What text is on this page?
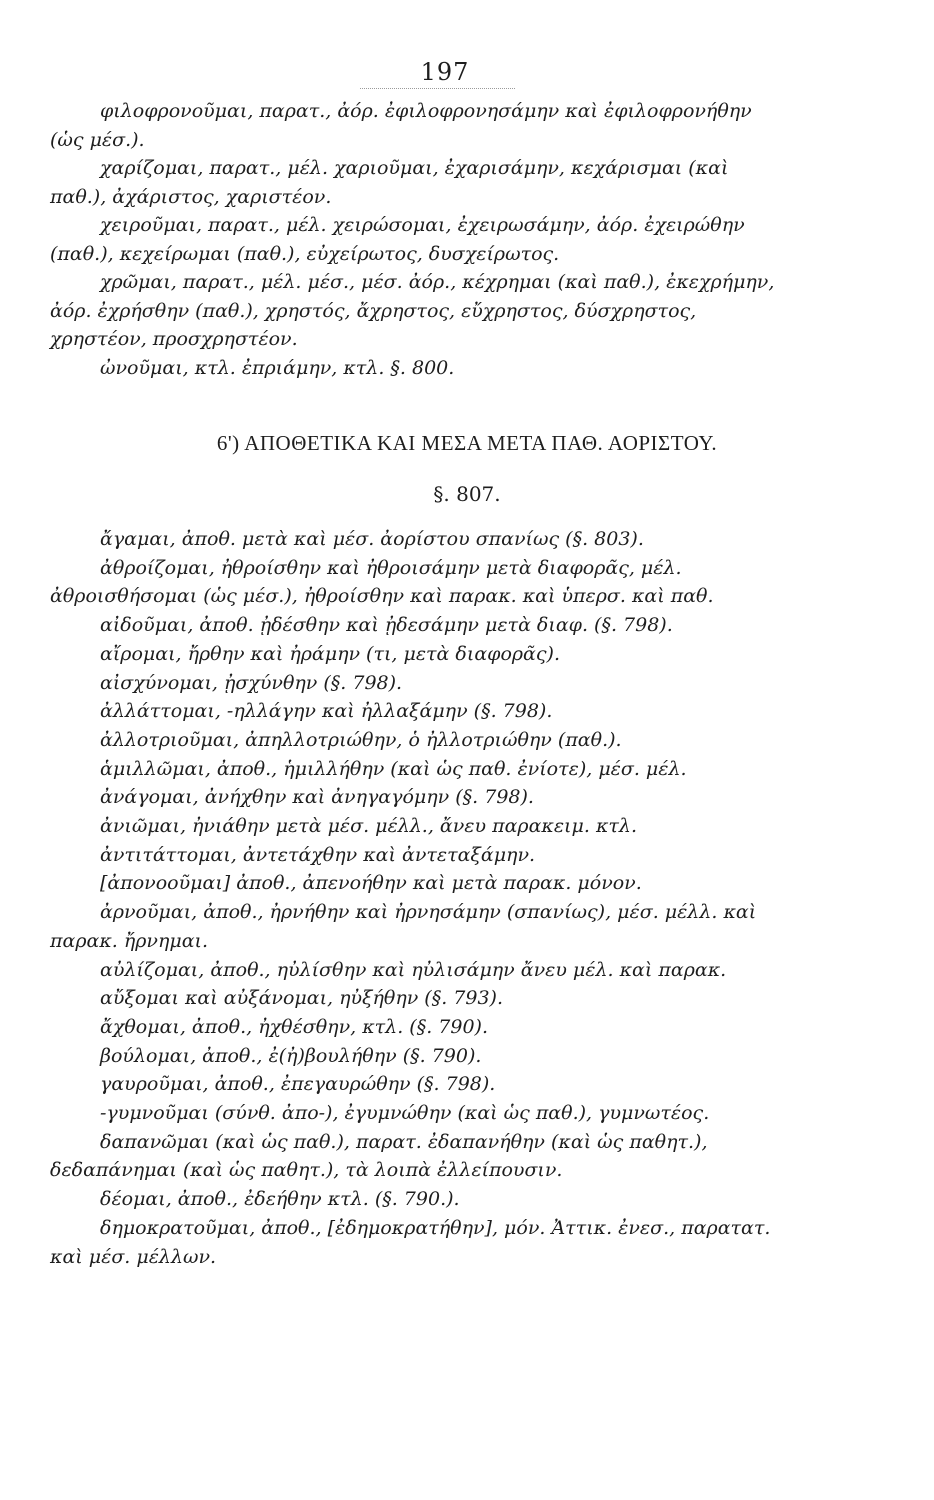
197

φιλοφρονοῦμαι, παρατ., ἀόρ. ἐφιλοφρονησάμην καὶ ἐφιλοφρονήθην (ὡς μέσ.).

χαρίζομαι, παρατ., μέλ. χαριοῦμαι, ἐχαρισάμην, κεχάρισμαι (καὶ παθ.), ἀχάριστος, χαριστέον.

χειροῦμαι, παρατ., μέλ. χειρώσομαι, ἐχειρωσάμην, ἀόρ. ἐχειρώθην (παθ.), κεχείρωμαι (παθ.), εὐχείρωτος, δυσχείρωτος.

χρῶμαι, παρατ., μέλ. μέσ., μέσ. ἀόρ., κέχρημαι (καὶ παθ.), ἐκεχρήμην, ἀόρ. ἐχρήσθην (παθ.), χρηστός, ἄχρηστος, εὔχρηστος, δύσχρηστος, χρηστέον, προσχρηστέον.

ὠνοῦμαι, κτλ. ἐπριάμην, κτλ. §. 800.

6') ΑΠΟΘΕΤΙΚΑ ΚΑΙ ΜΕΣΑ ΜΕΤΑ ΠΑΘ. ΑΟΡΙΣΤΟΥ.
§. 807.

ἄγαμαι, ἀποθ. μετὰ καὶ μέσ. ἀορίστου σπανίως (§. 803).

ἀθροίζομαι, ἠθροίσθην καὶ ἠθροισάμην μετὰ διαφορᾶς, μέλ. ἀθροισθήσομαι (ὡς μέσ.), ἠθροίσθην καὶ παρακ. καὶ ὑπερσ. καὶ παθ.

αἰδοῦμαι, ἀποθ. ᾐδέσθην καὶ ᾐδεσάμην μετὰ διαφ. (§. 798).

αἴρομαι, ἤρθην καὶ ἠράμην (τι, μετὰ διαφορᾶς).

αἰσχύνομαι, ᾐσχύνθην (§. 798).

ἀλλάττομαι, -ηλλάγην καὶ ἠλλαξάμην (§. 798).

ἀλλοτριοῦμαι, ἀπηλλοτριώθην, ὁ ἠλλοτριώθην (παθ.).

ἁμιλλῶμαι, ἀποθ., ἡμιλλήθην (καὶ ὡς παθ. ἐνίοτε), μέσ. μέλ.

ἀνάγομαι, ἀνήχθην καὶ ἀνηγαγόμην (§. 798).

ἀνιῶμαι, ἠνιάθην μετὰ μέσ. μέλλ., ἄνευ παρακειμ. κτλ.

ἀντιτάττομαι, ἀντετάχθην καὶ ἀντεταξάμην.

[ἀπονοοῦμαι] ἀποθ., ἀπενοήθην καὶ μετὰ παρακ. μόνον.

ἀρνοῦμαι, ἀποθ., ἠρνήθην καὶ ἠρνησάμην (σπανίως), μέσ. μέλλ. καὶ παρακ. ἤρνημαι.

αὐλίζομαι, ἀποθ., ηὐλίσθην καὶ ηὐλισάμην ἄνευ μέλ. καὶ παρακ.

αὔξομαι καὶ αὐξάνομαι, ηὐξήθην (§. 793).

ἄχθομαι, ἀποθ., ἠχθέσθην, κτλ. (§. 790).

βούλομαι, ἀποθ., ἐ(ἠ)βουλήθην (§. 790).

γαυροῦμαι, ἀποθ., ἐπεγαυρώθην (§. 798).

-γυμνοῦμαι (σύνθ. ἀπο-), ἐγυμνώθην (καὶ ὡς παθ.), γυμνωτέος.

δαπανῶμαι (καὶ ὡς παθ.), παρατ. ἐδαπανήθην (καὶ ὡς παθητ.), δεδαπάνημαι (καὶ ὡς παθητ.), τὰ λοιπὰ ἐλλείπουσιν.

δέομαι, ἀποθ., ἐδεήθην κτλ. (§. 790.).

δημοκρατοῦμαι, ἀποθ., [ἐδημοκρατήθην], μόν. Ἀττικ. ἐνεσ., παρατατ. καὶ μέσ. μέλλων.
